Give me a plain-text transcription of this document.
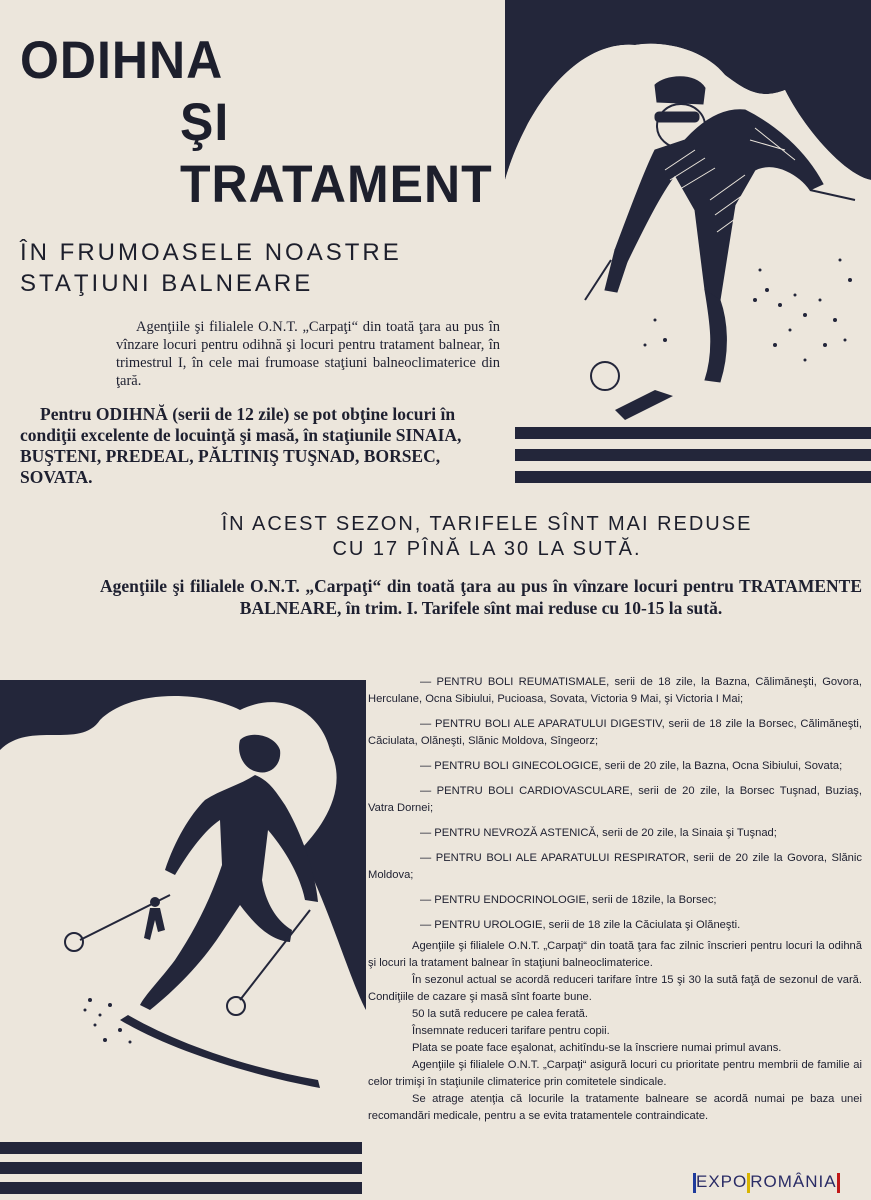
ODIHNA
ŞI
TRATAMENT
ÎN FRUMOASELE NOASTRE
STAŢIUNI BALNEARE
Agenţiile şi filialele O.N.T. „Carpaţi“ din toată ţara au pus în vînzare locuri pentru odihnă şi locuri pentru tratament balnear, în trimestrul I, în cele mai frumoase staţiuni balneoclimaterice din ţară.
Pentru ODIHNĂ (serii de 12 zile) se pot obţine locuri în condiţii excelente de locuinţă şi masă, în staţiunile SINAIA, BUŞTENI, PREDEAL, PĂLTINIŞ TUŞNAD, BORSEC, SOVATA.
ÎN ACEST SEZON, TARIFELE SÎNT MAI REDUSE
CU 17 PÎNĂ LA 30 LA SUTĂ.
Agenţiile şi filialele O.N.T. „Carpaţi“ din toată ţara au pus în vînzare locuri pentru TRATAMENTE BALNEARE, în trim. I. Tarifele sînt mai reduse cu 10-15 la sută.

— PENTRU BOLI REUMATISMALE, serii de 18 zile, la Bazna, Călimăneşti, Govora, Herculane, Ocna Sibiului, Pucioasa, Sovata, Victoria 9 Mai, şi Victoria I Mai;

— PENTRU BOLI ALE APARATULUI DIGESTIV, serii de 18 zile la Borsec, Călimăneşti, Căciulata, Olăneşti, Slănic Moldova, Sîngeorz;

— PENTRU BOLI GINECOLOGICE, serii de 20 zile, la Bazna, Ocna Sibiului, Sovata;

— PENTRU BOLI CARDIOVASCULARE, serii de 20 zile, la Borsec Tuşnad, Buziaş, Vatra Dornei;

— PENTRU NEVROZĂ ASTENICĂ, serii de 20 zile, la Sinaia şi Tuşnad;

— PENTRU BOLI ALE APARATULUI RESPIRATOR, serii de 20 zile la Govora, Slănic Moldova;

— PENTRU ENDOCRINOLOGIE, serii de 18zile, la Borsec;

— PENTRU UROLOGIE, serii de 18 zile la Căciulata şi Olăneşti.

Agenţiile şi filialele O.N.T. „Carpaţi“ din toată ţara fac zilnic înscrieri pentru locuri la odihnă şi locuri la tratament balnear în staţiuni balneoclimaterice.

În sezonul actual se acordă reduceri tarifare între 15 şi 30 la sută faţă de sezonul de vară. Condiţiile de cazare şi masă sînt foarte bune.

50 la sută reducere pe calea ferată.

Însemnate reduceri tarifare pentru copii.

Plata se poate face eşalonat, achitîndu-se la înscriere numai primul avans.

Agenţiile şi filialele O.N.T. „Carpaţi“ asigură locuri cu prioritate pentru membrii de familie ai celor trimişi în staţiunile climaterice prin comitetele sindicale.

Se atrage atenţia că locurile la tratamente balneare se acordă numai pe baza unei recomandări medicale, pentru a se evita tratamentele contraindicate.

EXPO ROMÂNIA
